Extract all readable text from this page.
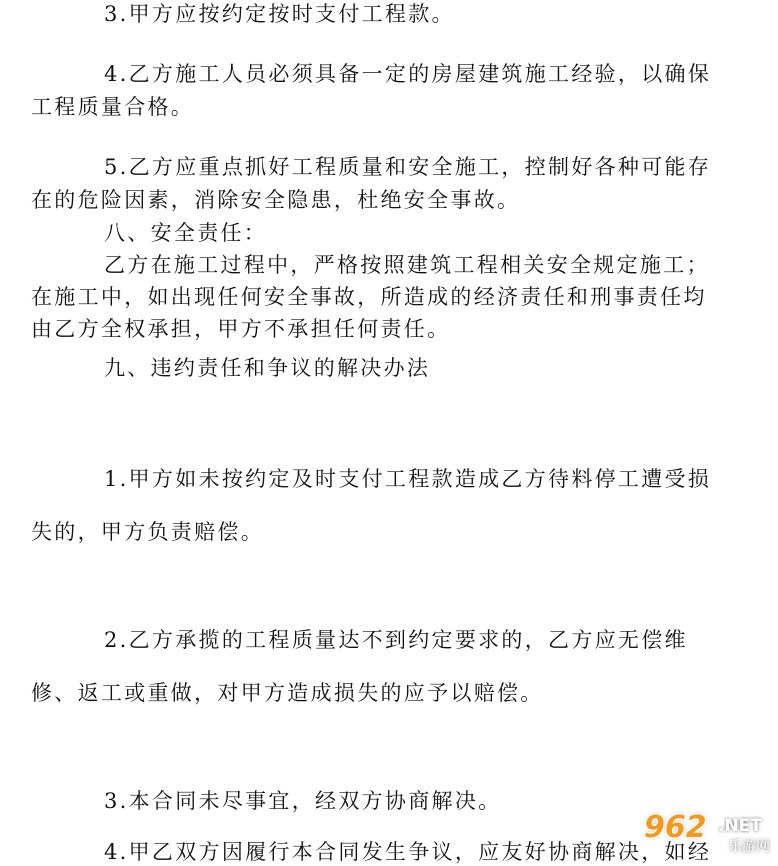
3.甲方应按约定按时支付工程款。
4.乙方施工人员必须具备一定的房屋建筑施工经验，以确保
工程质量合格。
5.乙方应重点抓好工程质量和安全施工，控制好各种可能存
在的危险因素，消除安全隐患，杜绝安全事故。
八、安全责任：
乙方在施工过程中，严格按照建筑工程相关安全规定施工；
在施工中，如出现任何安全事故，所造成的经济责任和刑事责任均
由乙方全权承担，甲方不承担任何责任。
九、违约责任和争议的解决办法
1.甲方如未按约定及时支付工程款造成乙方待料停工遭受损
失的，甲方负责赔偿。
2.乙方承揽的工程质量达不到约定要求的，乙方应无偿维
修、返工或重做，对甲方造成损失的应予以赔偿。
3.本合同未尽事宜，经双方协商解决。
4.甲乙双方因履行本合同发生争议，应友好协商解决，如经
962 .NET
乐游网
